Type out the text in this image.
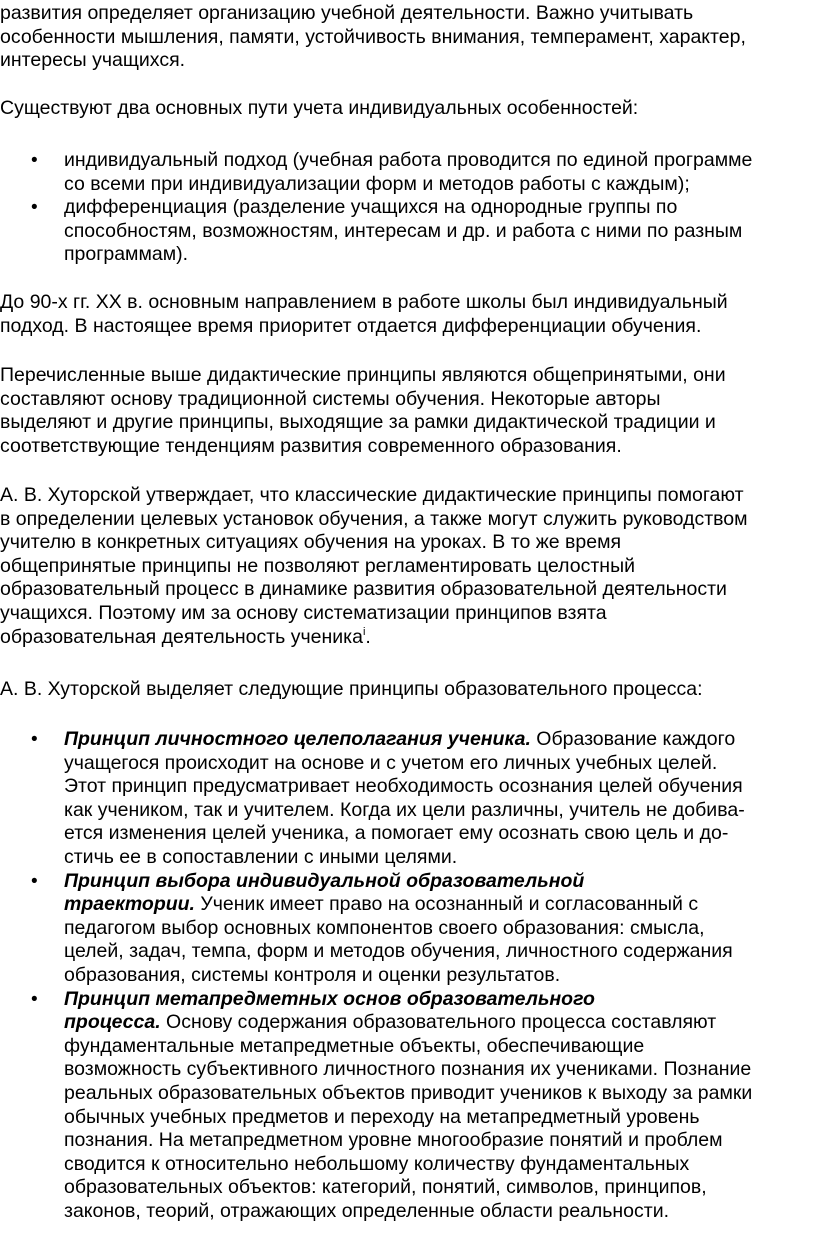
развития определяет организацию учебной деятельности. Важно учитывать
особенности мышления, памяти, устойчивость внимания, темперамент, характер,
интересы учащихся.

Существуют два основных пути учета индивидуальных особенностей:

• индивидуальный подход (учебная работа проводится по единой программе
со всеми при индивидуализации форм и методов работы с каждым);
• дифференциация (разделение учащихся на однородные группы по
способностям, возможностям, интересам и др. и работа с ними по разным
программам).

До 90-х гг. XX в. основным направлением в работе школы был индивидуальный
подход. В настоящее время приоритет отдается дифференциации обучения.

Перечисленные выше дидактические принципы являются общепринятыми, они
составляют основу традиционной системы обучения. Некоторые авторы
выделяют и другие принципы, выходящие за рамки дидактической традиции и
соответствующие тенденциям развития современного образования.

А. В. Хуторской утверждает, что классические дидактические принципы помогают
в определении целевых установок обучения, а также могут служить руководством
учителю в конкретных ситуациях обучения на уроках. В то же время
общепринятые принципы не позволяют регламентировать целостный
образовательный процесс в динамике развития образовательной деятельности
учащихся. Поэтому им за основу систематизации принципов взята
образовательная деятельность ученика$^i$.

А. В. Хуторской выделяет следующие принципы образовательного процесса:

• Принцип личностного целеполагания ученика. Образование каждого
учащегося происходит на основе и с учетом его личных учебных целей.
Этот принцип предусматривает необходимость осознания целей обучения
как учеником, так и учителем. Когда их цели различны, учитель не добива-
ется изменения целей ученика, а помогает ему осознать свою цель и до-
стичь ее в сопоставлении с иными целями.
• Принцип выбора индивидуальной образовательной
траектории. Ученик имеет право на осознанный и согласованный с
педагогом выбор основных компонентов своего образования: смысла,
целей, задач, темпа, форм и методов обучения, личностного содержания
образования, системы контроля и оценки результатов.
• Принцип метапредметных основ образовательного
процесса. Основу содержания образовательного процесса составляют
фундаментальные метапредметные объекты, обеспечивающие
возможность субъективного личностного познания их учениками. Познание
реальных образовательных объектов приводит учеников к выходу за рамки
обычных учебных предметов и переходу на метапредметный уровень
познания. На метапредметном уровне многообразие понятий и проблем
сводится к относительно небольшому количеству фундаментальных
образовательных объектов: категорий, понятий, символов, принципов,
законов, теорий, отражающих определенные области реальности.
